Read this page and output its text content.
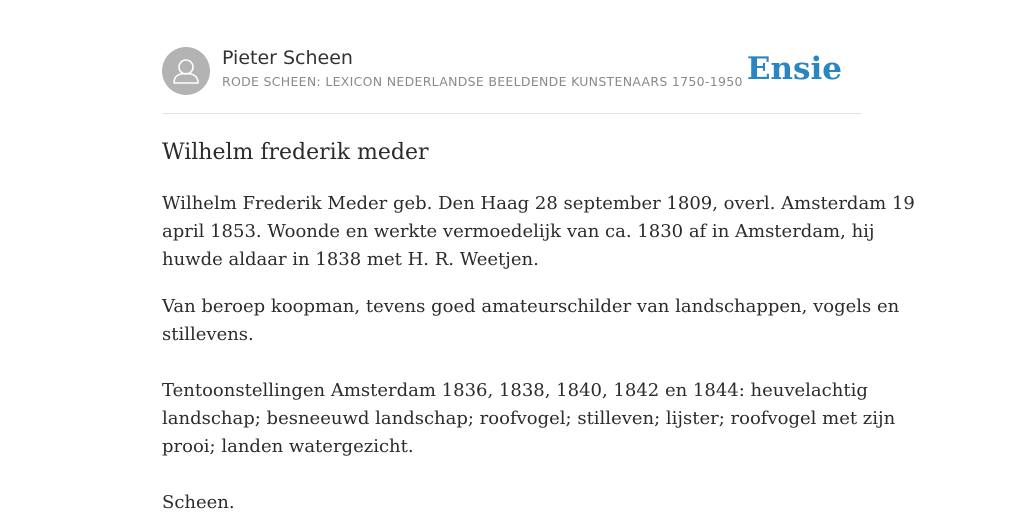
Pieter Scheen
RODE SCHEEN: LEXICON NEDERLANDSE BEELDENDE KUNSTENAARS 1750-1950 Ensie
Wilhelm frederik meder

Wilhelm Frederik Meder geb. Den Haag 28 september 1809, overl. Amsterdam 19
april 1853. Woonde en werkte vermoedelijk van ca. 1830 af in Amsterdam, hij
huwde aldaar in 1838 met H. R. Weetjen.

Van beroep koopman, tevens goed amateurschilder van landschappen, vogels en
stillevens.

Tentoonstellingen Amsterdam 1836, 1838, 1840, 1842 en 1844: heuvelachtig
landschap; besneeuwd landschap; roofvogel; stilleven; lijster; roofvogel met zijn
prooi; landen watergezicht.

Scheen.
